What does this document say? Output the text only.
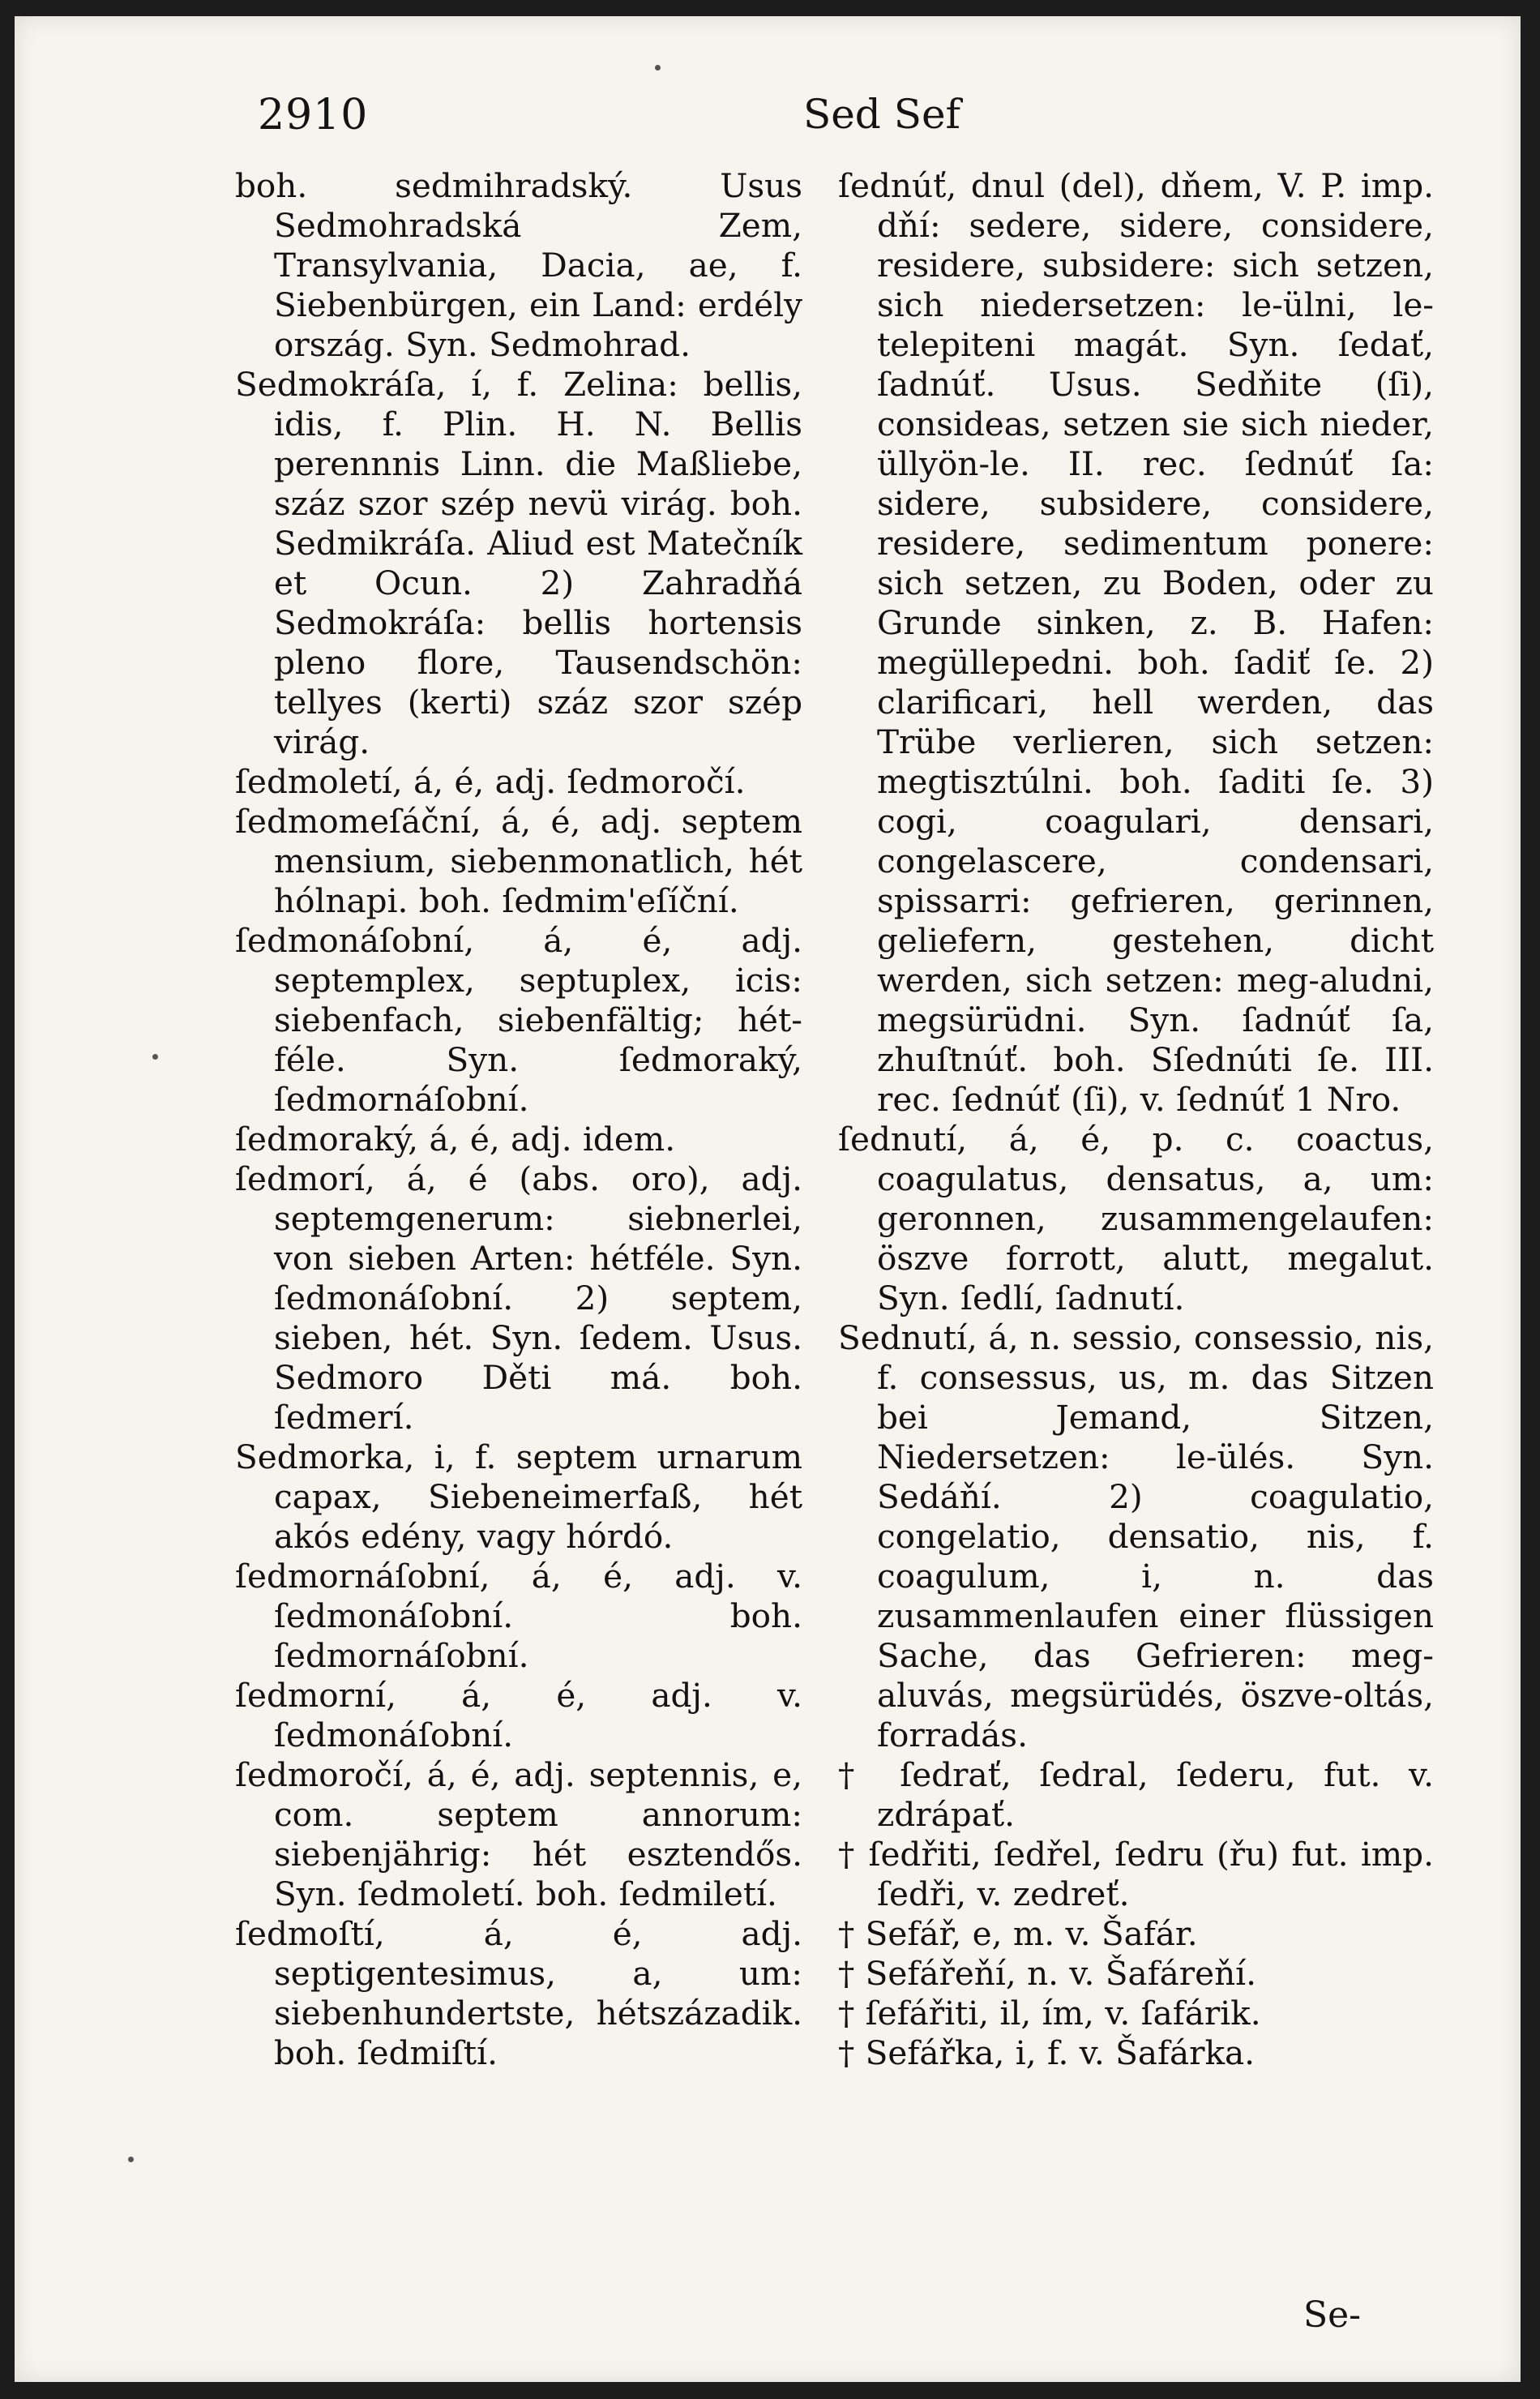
2910	Sed Sef

boh. sedmihradský. Usus Sedmohradská Zem, Transylvania, Dacia, ae, f. Siebenbürgen, ein Land: erdély ország. Syn. Sedmohrad.

Sedmokráſa, í, f. Zelina: bellis, idis, f. Plin. H. N. Bellis perennnis Linn. die Maßliebe, száz szor szép nevü virág. boh. Sedmikráſa. Aliud est Matečník et Ocun. 2) Zahradňá Sedmokráſa: bellis hortensis pleno flore, Tausendschön: tellyes (kerti) száz szor szép virág.

ſedmoletí, á, é, adj. ſedmoročí.

ſedmomeſáční, á, é, adj. septem mensium, siebenmonatlich, hét hólnapi. boh. ſedmim'eſíční.

ſedmonáſobní, á, é, adj. septemplex, septuplex, icis: siebenfach, siebenfältig; hét-féle. Syn. ſedmoraký, ſedmornáſobní.

ſedmoraký, á, é, adj. idem.

ſedmorí, á, é (abs. oro), adj. septemgenerum: siebnerlei, von sieben Arten: hétféle. Syn. ſedmonáſobní. 2) septem, sieben, hét. Syn. ſedem. Usus. Sedmoro Děti má. boh. ſedmerí.

Sedmorka, i, f. septem urnarum capax, Siebeneimerfaß, hét akós edény, vagy hórdó.

ſedmornáſobní, á, é, adj. v. ſedmonáſobní. boh. ſedmornáſobní.

ſedmorní, á, é, adj. v. ſedmonáſobní.

ſedmoročí, á, é, adj. septennis, e, com. septem annorum: siebenjährig: hét esztendős. Syn. ſedmoletí. boh. ſedmiletí.

ſedmoſtí, á, é, adj. septigentesimus, a, um: siebenhundertste, hétszázadik. boh. ſedmiſtí.

ſednúť, dnul (del), dňem, V. P. imp. dňí: sedere, sidere, considere, residere, subsidere: sich setzen, sich niedersetzen: le-ülni, le-telepiteni magát. Syn. ſedať, ſadnúť. Usus. Sedňite (ſi), consideas, setzen sie sich nieder, üllyön-le. II. rec. ſednúť ſa: sidere, subsidere, considere, residere, sedimentum ponere: sich setzen, zu Boden, oder zu Grunde sinken, z. B. Hafen: megüllepedni. boh. ſadiť ſe. 2) clarificari, hell werden, das Trübe verlieren, sich setzen: megtisztúlni. boh. ſaditi ſe. 3) cogi, coagulari, densari, congelascere, condensari, spissarri: gefrieren, gerinnen, geliefern, gestehen, dicht werden, sich setzen: meg-aludni, megsürüdni. Syn. ſadnúť ſa, zhuſtnúť. boh. Sſednúti ſe. III. rec. ſednúť (ſi), v. ſednúť 1 Nro.

ſednutí, á, é, p. c. coactus, coagulatus, densatus, a, um: geronnen, zusammengelaufen: öszve forrott, alutt, megalut. Syn. ſedlí, ſadnutí.

Sednutí, á, n. sessio, consessio, nis, f. consessus, us, m. das Sitzen bei Jemand, Sitzen, Niedersetzen: le-ülés. Syn. Sedáňí. 2) coagulatio, congelatio, densatio, nis, f. coagulum, i, n. das zusammenlaufen einer flüssigen Sache, das Gefrieren: meg-aluvás, megsürüdés, öszve-oltás, forradás.

† ſedrať, ſedral, ſederu, fut. v. zdrápať.

† ſedřiti, ſedřel, ſedru (řu) fut. imp. ſedři, v. zedreť.

† Sefář, e, m. v. Šafár.

† Sefářeňí, n. v. Šafáreňí.

† ſefářiti, il, ím, v. ſafárik.

† Sefářka, i, f. v. Šafárka.

Se-
